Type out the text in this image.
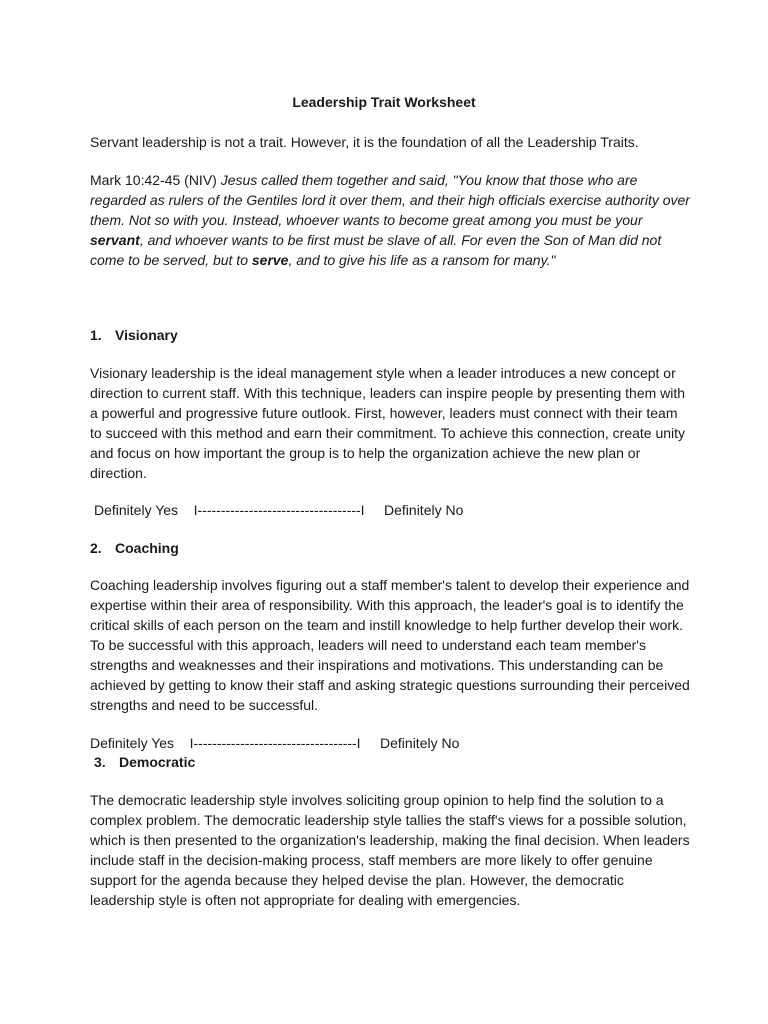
Leadership Trait Worksheet

Servant leadership is not a trait. However, it is the foundation of all the Leadership Traits.

Mark 10:42-45 (NIV) Jesus called them together and said, "You know that those who are regarded as rulers of the Gentiles lord it over them, and their high officials exercise authority over them. Not so with you. Instead, whoever wants to become great among you must be your servant, and whoever wants to be first must be slave of all. For even the Son of Man did not come to be served, but to serve, and to give his life as a ransom for many."

1. Visionary

Visionary leadership is the ideal management style when a leader introduces a new concept or direction to current staff. With this technique, leaders can inspire people by presenting them with a powerful and progressive future outlook. First, however, leaders must connect with their team to succeed with this method and earn their commitment. To achieve this connection, create unity and focus on how important the group is to help the organization achieve the new plan or direction.

Definitely Yes    I-----------------------------------I     Definitely No

2. Coaching

Coaching leadership involves figuring out a staff member's talent to develop their experience and expertise within their area of responsibility. With this approach, the leader's goal is to identify the critical skills of each person on the team and instill knowledge to help further develop their work. To be successful with this approach, leaders will need to understand each team member's strengths and weaknesses and their inspirations and motivations. This understanding can be achieved by getting to know their staff and asking strategic questions surrounding their perceived strengths and need to be successful.

Definitely Yes    I-----------------------------------I     Definitely No

3. Democratic

The democratic leadership style involves soliciting group opinion to help find the solution to a complex problem. The democratic leadership style tallies the staff's views for a possible solution, which is then presented to the organization's leadership, making the final decision. When leaders include staff in the decision-making process, staff members are more likely to offer genuine support for the agenda because they helped devise the plan. However, the democratic leadership style is often not appropriate for dealing with emergencies.
